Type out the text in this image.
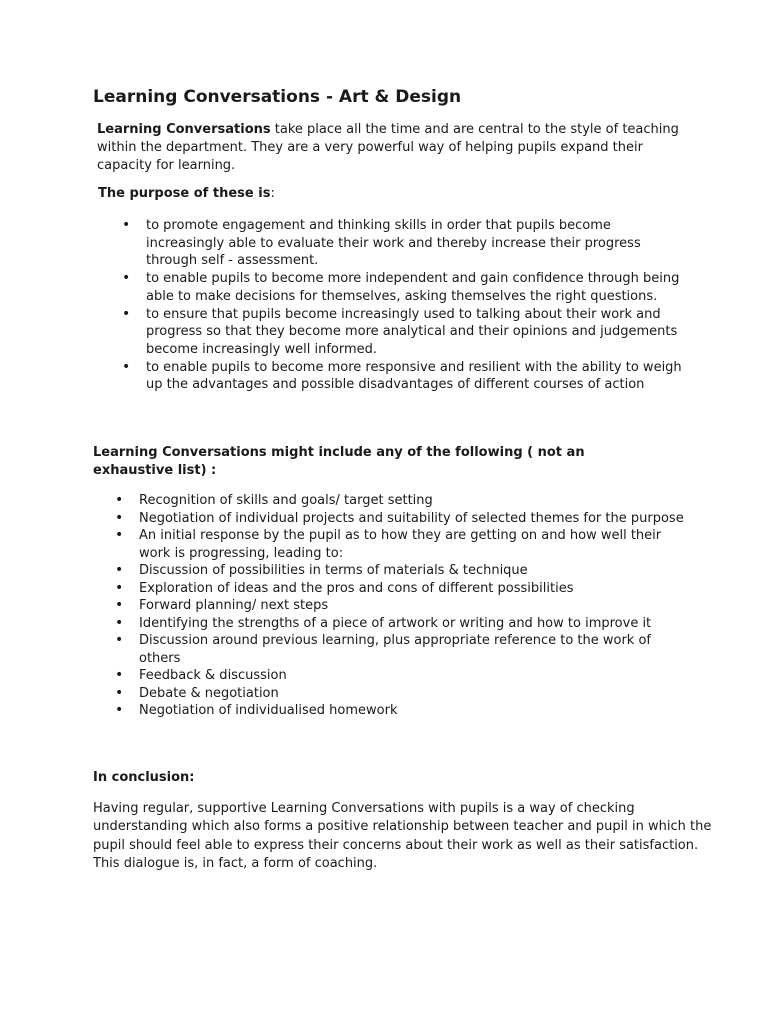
Learning Conversations - Art & Design

Learning Conversations take place all the time and are central to the style of teaching within the department. They are a very powerful way of helping pupils expand their capacity for learning.

The purpose of these is:

• to promote engagement and thinking skills in order that pupils become increasingly able to evaluate their work and thereby increase their progress through self - assessment.
• to enable pupils to become more independent and gain confidence through being able to make decisions for themselves, asking themselves the right questions.
• to ensure that pupils become increasingly used to talking about their work and progress so that they become more analytical and their opinions and judgements become increasingly well informed.
• to enable pupils to become more responsive and resilient with the ability to weigh up the advantages and possible disadvantages of different courses of action

Learning Conversations might include any of the following ( not an exhaustive list) :

• Recognition of skills and goals/ target setting
• Negotiation of individual projects and suitability of selected themes for the purpose
• An initial response by the pupil as to how they are getting on and how well their work is progressing, leading to:
• Discussion of possibilities in terms of materials & technique
• Exploration of ideas and the pros and cons of different possibilities
• Forward planning/ next steps
• Identifying the strengths of a piece of artwork or writing and how to improve it
• Discussion around previous learning, plus appropriate reference to the work of others
• Feedback & discussion
• Debate & negotiation
• Negotiation of individualised homework

In conclusion:

Having regular, supportive Learning Conversations with pupils is a way of checking understanding which also forms a positive relationship between teacher and pupil in which the pupil should feel able to express their concerns about their work as well as their satisfaction. This dialogue is, in fact, a form of coaching.
